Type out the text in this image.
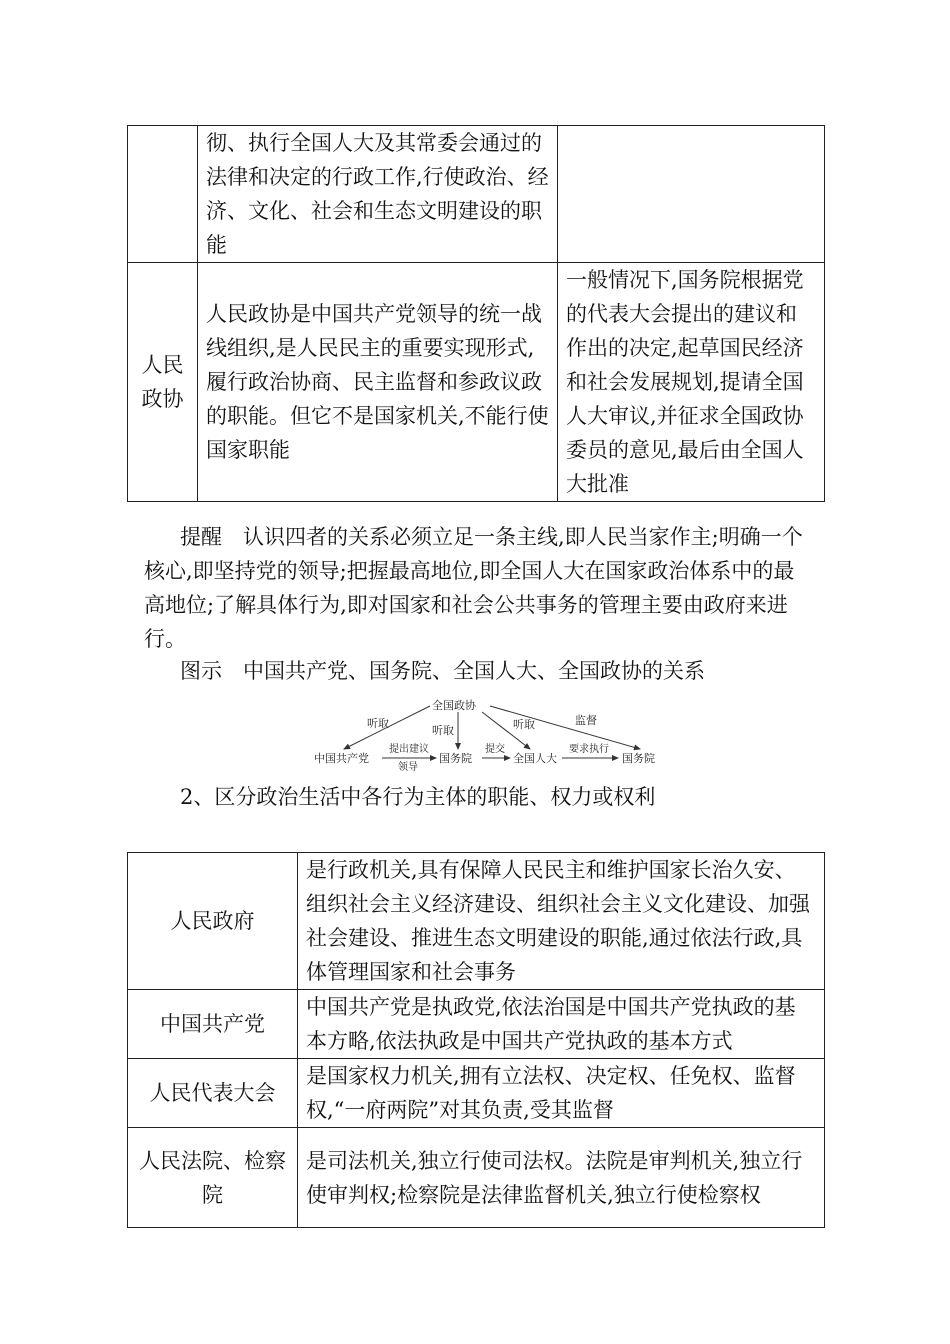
	彻、执行全国人大及其常委会通过的法律和决定的行政工作,行使政治、经济、文化、社会和生态文明建设的职能	
人民政协	人民政协是中国共产党领导的统一战线组织,是人民民主的重要实现形式,履行政治协商、民主监督和参政议政的职能。但它不是国家机关,不能行使国家职能	一般情况下,国务院根据党的代表大会提出的建议和作出的决定,起草国民经济和社会发展规划,提请全国人大审议,并征求全国政协委员的意见,最后由全国人大批准
提醒　 认识四者的关系必须立足一条主线,即人民当家作主;明确一个核心,即坚持党的领导;把握最高地位,即全国人大在国家政治体系中的最高地位;了解具体行为,即对国家和社会公共事务的管理主要由政府来进行。
图示　 中国共产党、国务院、全国人大、全国政协的关系
全国政协
中国共产党	国务院	全国人大	国务院
听取
听取	听取	监督
提出建议
领导
提交	要求执行
2、区分政治生活中各行为主体的职能、权力或权利
人民政府	是行政机关,具有保障人民民主和维护国家长治久安、组织社会主义经济建设、组织社会主义文化建设、加强社会建设、推进生态文明建设的职能,通过依法行政,具体管理国家和社会事务
中国共产党	中国共产党是执政党,依法治国是中国共产党执政的基本方略,依法执政是中国共产党执政的基本方式
人民代表大会	是国家权力机关,拥有立法权、决定权、任免权、监督权,“一府两院”对其负责,受其监督
人民法院、检察院	是司法机关,独立行使司法权。法院是审判机关,独立行使审判权;检察院是法律监督机关,独立行使检察权
